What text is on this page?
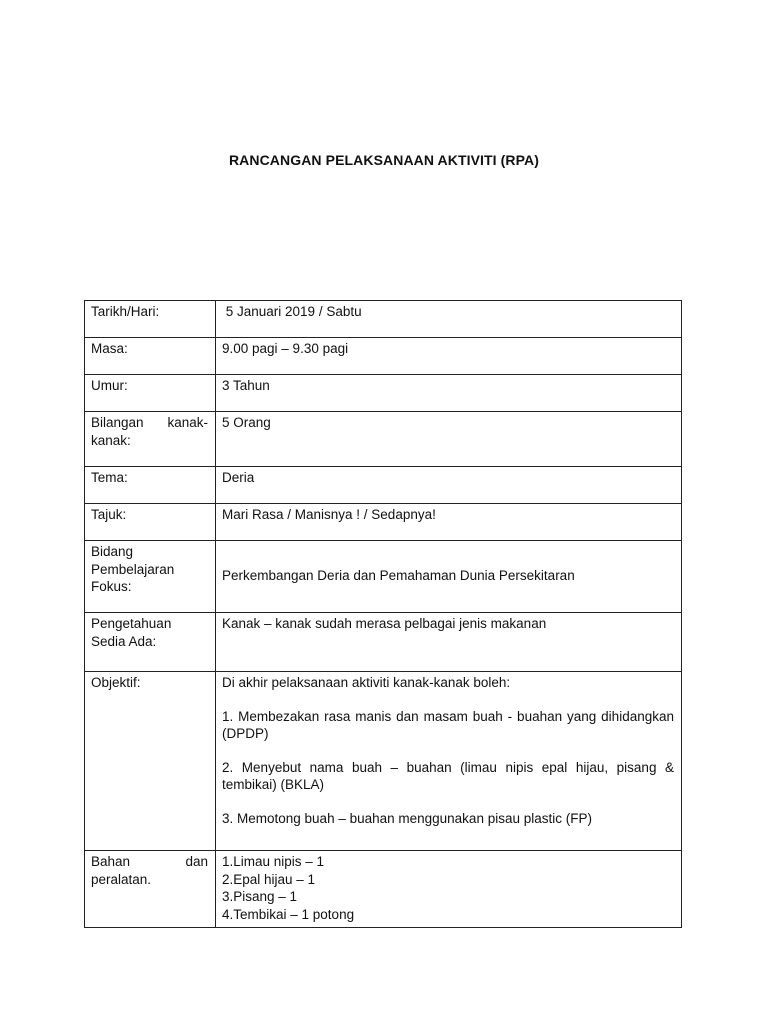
RANCANGAN PELAKSANAAN AKTIVITI (RPA)
Tarikh/Hari:	5 Januari 2019 / Sabtu
Masa:	9.00 pagi – 9.30 pagi
Umur:	3 Tahun

Bilangan kanak-
kanak:	5 Orang
Tema:	Deria
Tajuk:	Mari Rasa / Manisnya ! / Sedapnya!

Bidang
Pembelajaran
Fokus:	Perkembangan Deria dan Pemahaman Dunia Persekitaran

Pengetahuan
Sedia Ada:	Kanak – kanak sudah merasa pelbagai jenis makanan
Objektif:	Di akhir pelaksanaan aktiviti kanak-kanak boleh:

1. Membezakan rasa manis dan masam buah - buahan yang dihidangkan (DPDP)

2. Menyebut nama buah – buahan (limau nipis epal hijau, pisang & tembikai) (BKLA)

3. Memotong buah – buahan menggunakan pisau plastic (FP)

Bahan dan
peralatan.	1.Limau nipis – 1
2.Epal hijau – 1
3.Pisang – 1
4.Tembikai – 1 potong
